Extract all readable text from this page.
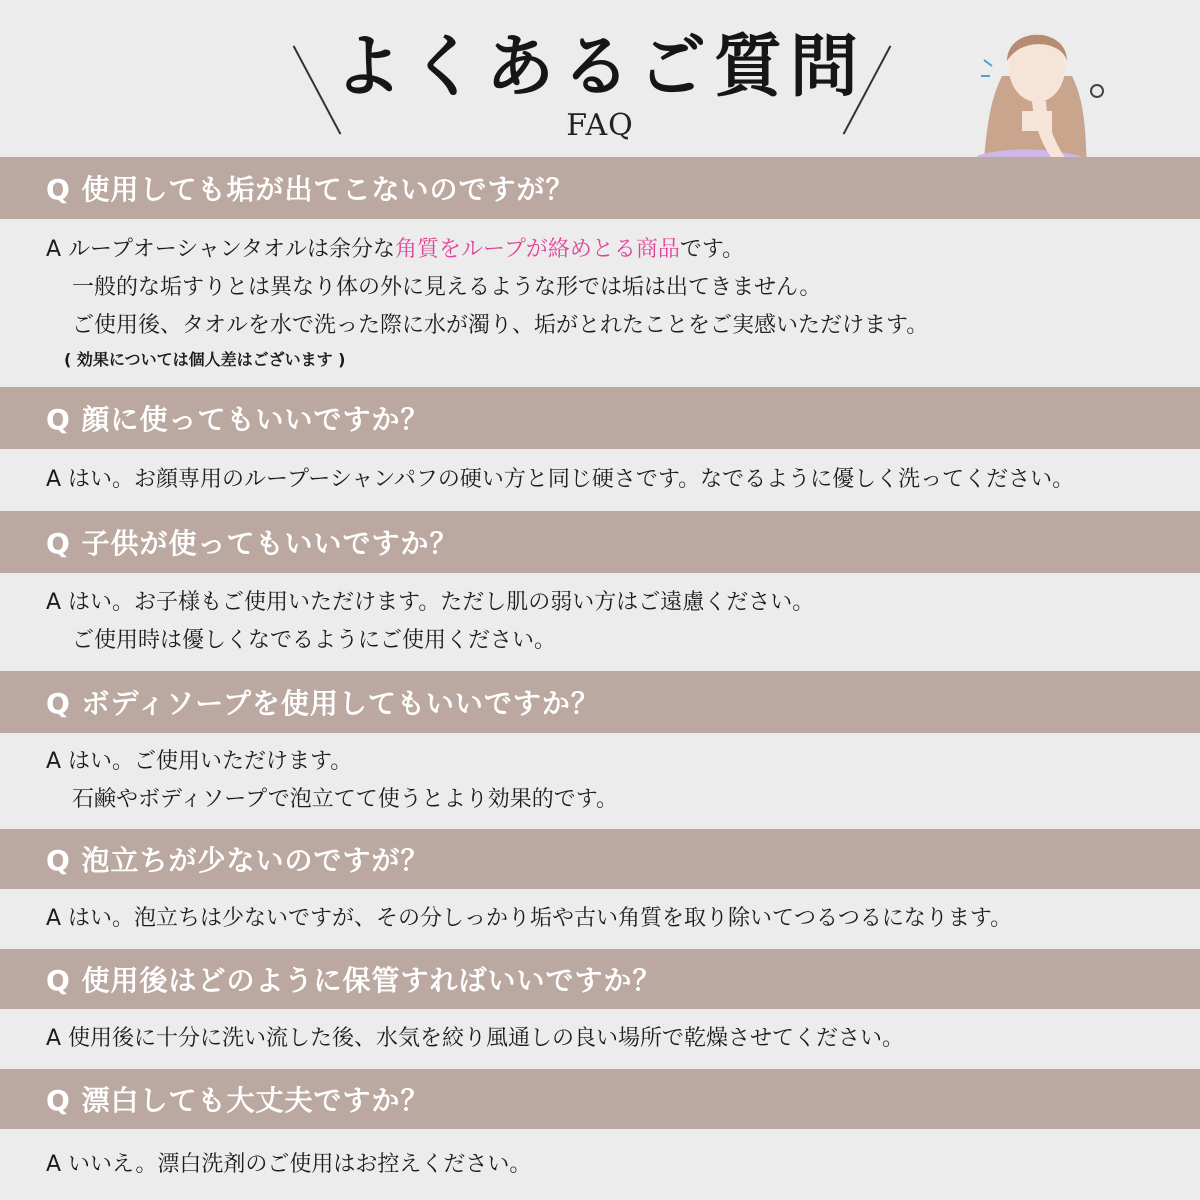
よくあるご質問
FAQ
Q 使用しても垢が出てこないのですが？
A ループオーシャンタオルは余分な角質をループが絡めとる商品です。
一般的な垢すりとは異なり体の外に見えるような形では垢は出てきません。
ご使用後、タオルを水で洗った際に水が濁り、垢がとれたことをご実感いただけます。
( 効果については個人差はございます )
Q 顔に使ってもいいですか？
A はい。お顔専用のループーシャンパフの硬い方と同じ硬さです。なでるように優しく洗ってください。
Q 子供が使ってもいいですか？
A はい。お子様もご使用いただけます。ただし肌の弱い方はご遠慮ください。
ご使用時は優しくなでるようにご使用ください。
Q ボディソープを使用してもいいですか？
A はい。ご使用いただけます。
石鹸やボディソープで泡立てて使うとより効果的です。
Q 泡立ちが少ないのですが？
A はい。泡立ちは少ないですが、その分しっかり垢や古い角質を取り除いてつるつるになります。
Q 使用後はどのように保管すればいいですか？
A 使用後に十分に洗い流した後、水気を絞り風通しの良い場所で乾燥させてください。
Q 漂白しても大丈夫ですか？
A いいえ。漂白洗剤のご使用はお控えください。
